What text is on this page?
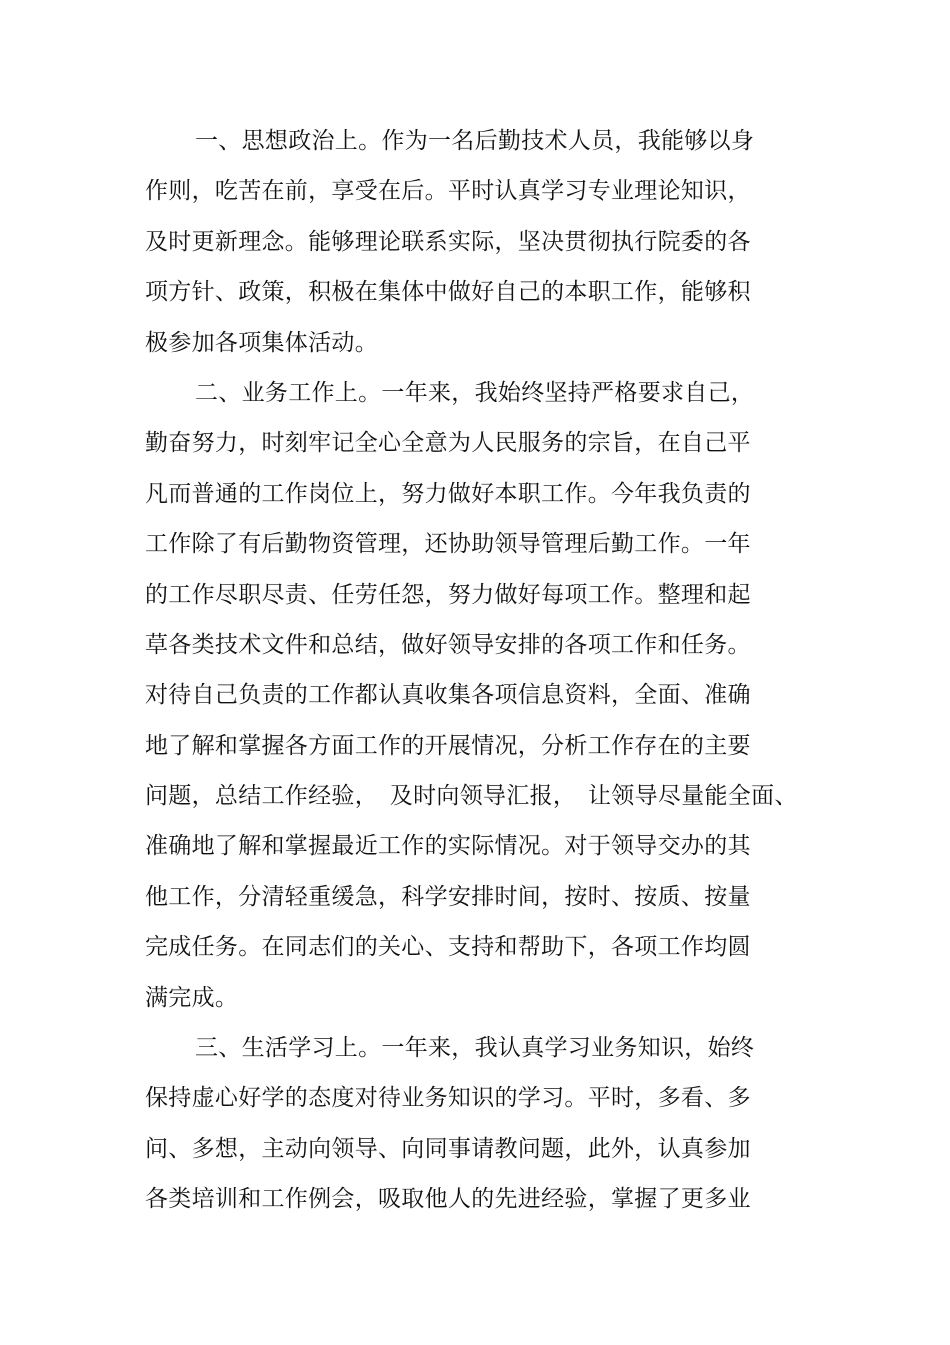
一、思想政治上。作为一名后勤技术人员，我能够以身
作则，吃苦在前，享受在后。平时认真学习专业理论知识，
及时更新理念。能够理论联系实际，坚决贯彻执行院委的各
项方针、政策，积极在集体中做好自己的本职工作，能够积
极参加各项集体活动。
二、业务工作上。一年来，我始终坚持严格要求自己，
勤奋努力，时刻牢记全心全意为人民服务的宗旨，在自己平
凡而普通的工作岗位上，努力做好本职工作。今年我负责的
工作除了有后勤物资管理，还协助领导管理后勤工作。一年
的工作尽职尽责、任劳任怨，努力做好每项工作。整理和起
草各类技术文件和总结，做好领导安排的各项工作和任务。
对待自己负责的工作都认真收集各项信息资料，全面、准确
地了解和掌握各方面工作的开展情况，分析工作存在的主要
问题，总结工作经验，　及时向领导汇报，　让领导尽量能全面、
准确地了解和掌握最近工作的实际情况。对于领导交办的其
他工作，分清轻重缓急，科学安排时间，按时、按质、按量
完成任务。在同志们的关心、支持和帮助下，各项工作均圆
满完成。
三、生活学习上。一年来，我认真学习业务知识，始终
保持虚心好学的态度对待业务知识的学习。平时，多看、多
问、多想，主动向领导、向同事请教问题，此外，认真参加
各类培训和工作例会，吸取他人的先进经验，掌握了更多业
